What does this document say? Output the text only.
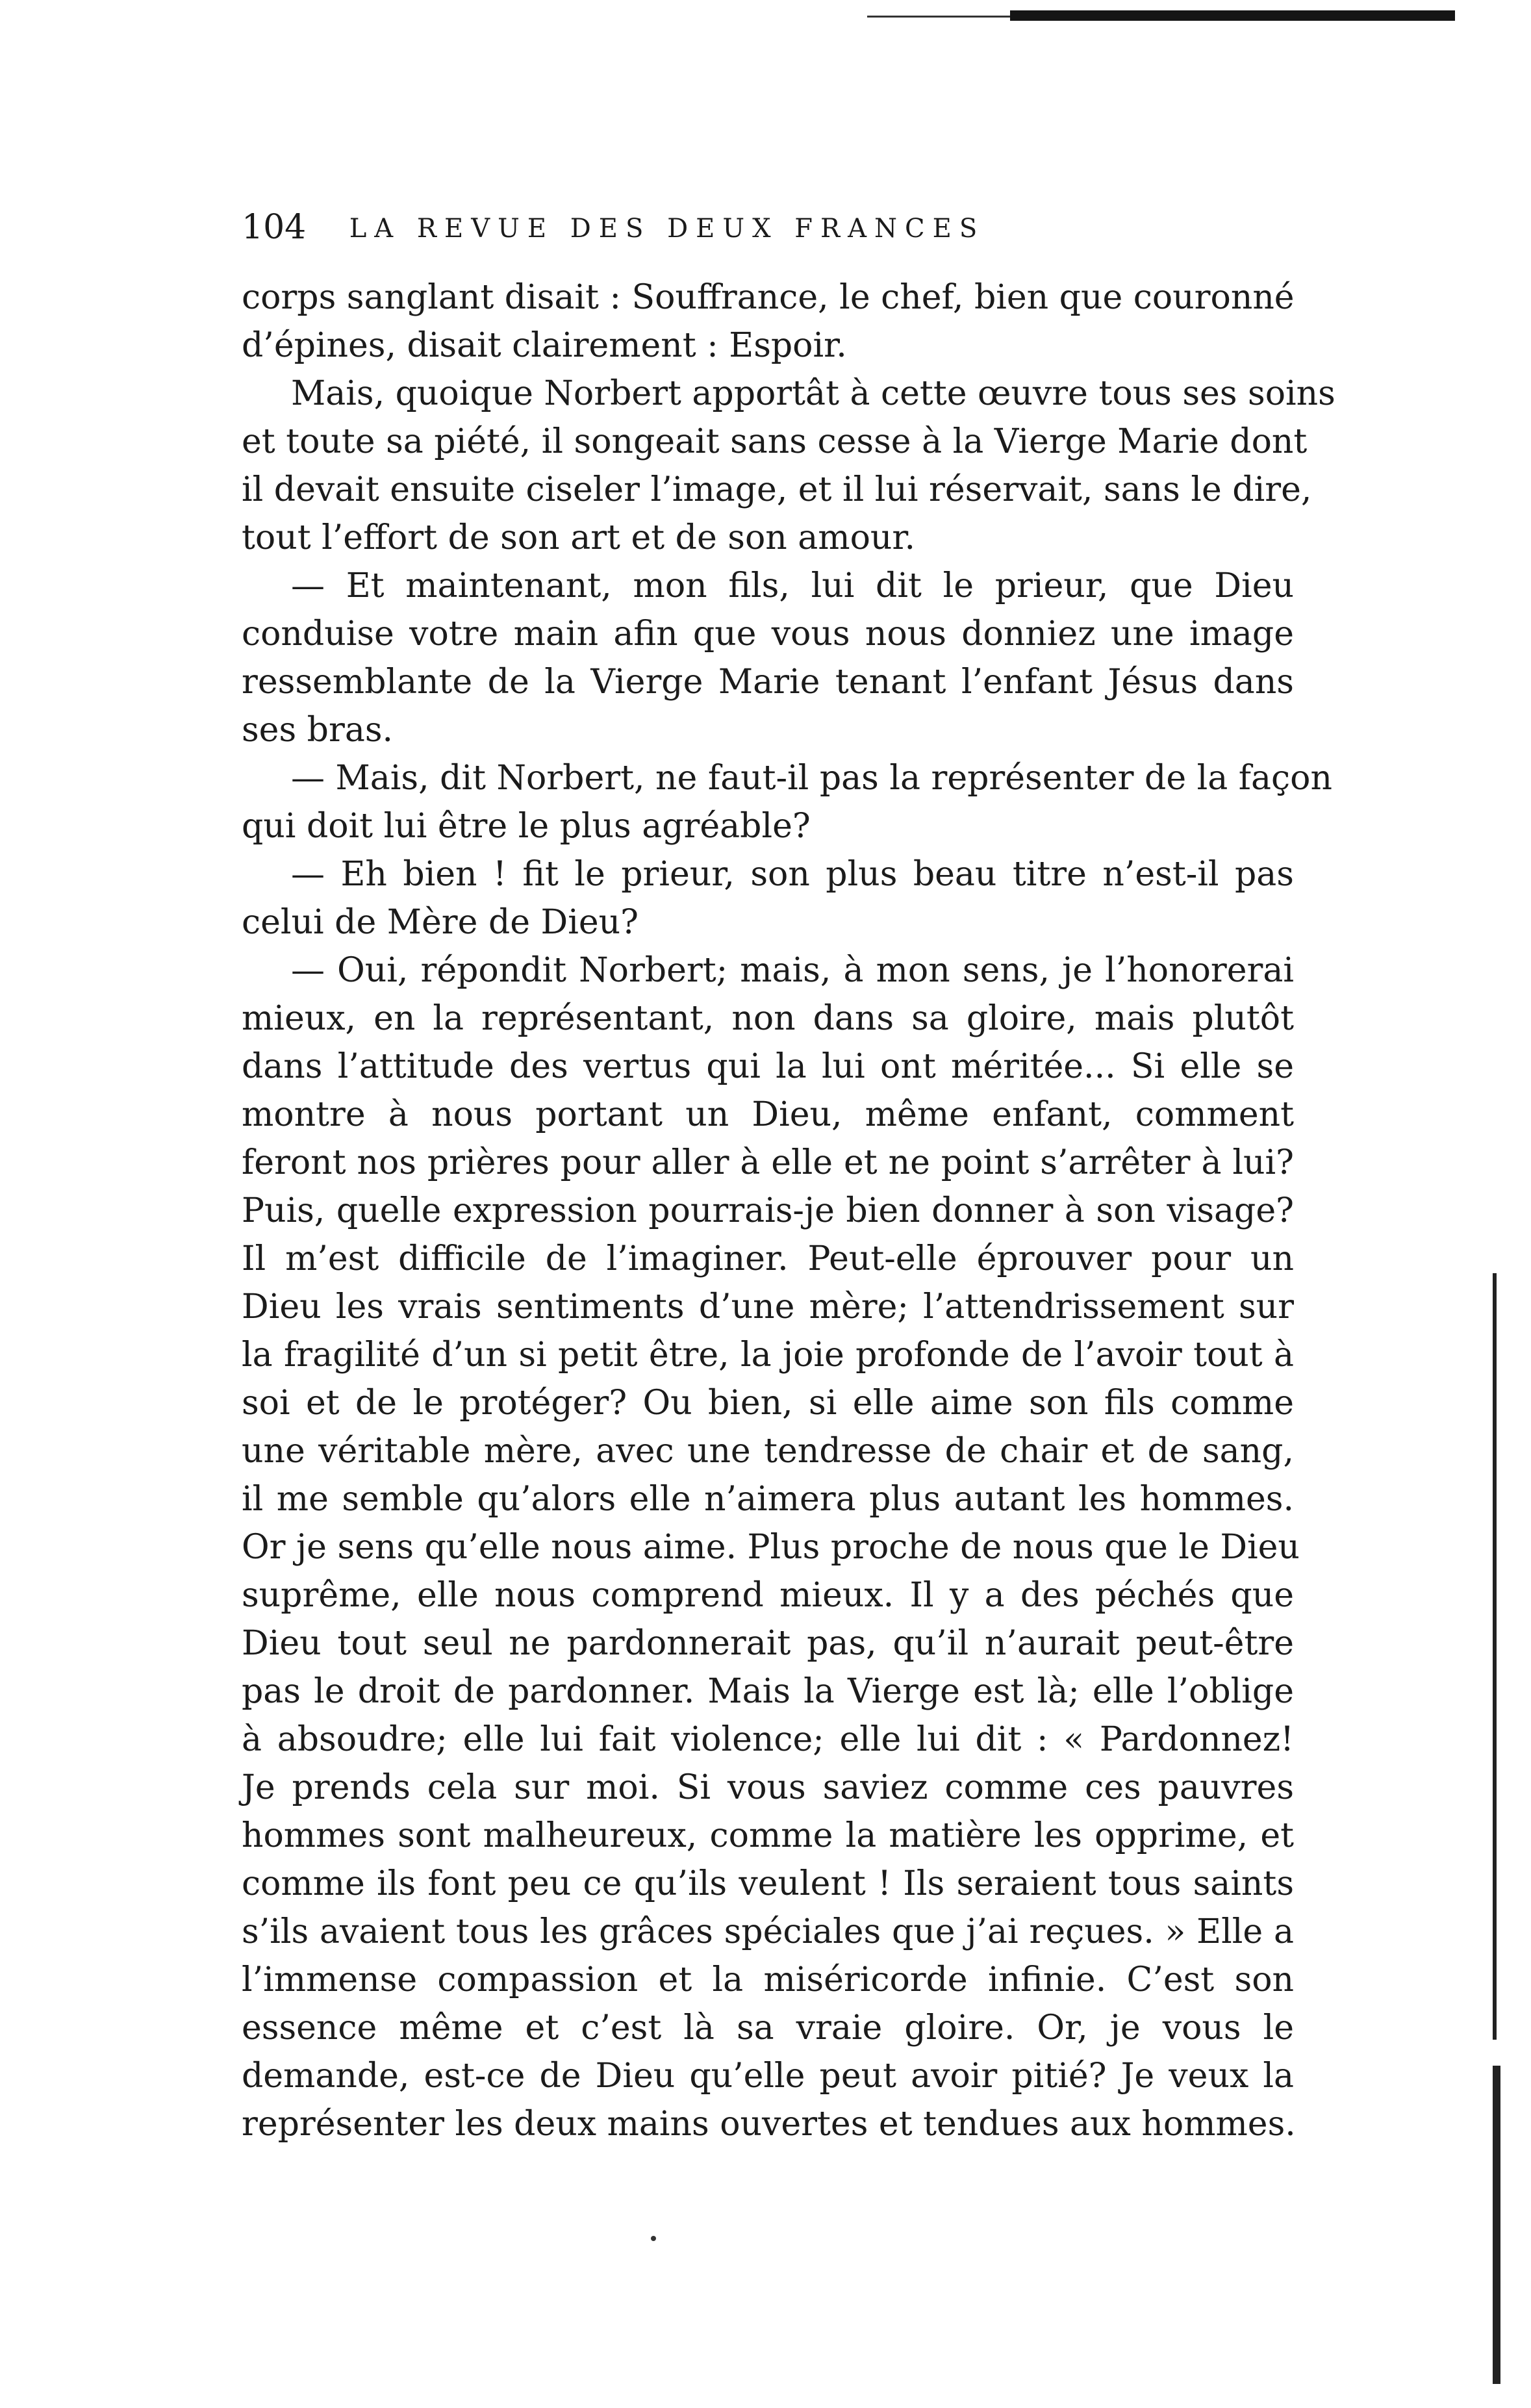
104	LA REVUE DES DEUX FRANCES
corps sanglant disait : Souffrance, le chef, bien que couronné
d’épines, disait clairement : Espoir.
Mais, quoique Norbert apportât à cette œuvre tous ses soins
et toute sa piété, il songeait sans cesse à la Vierge Marie dont
il devait ensuite ciseler l’image, et il lui réservait, sans le dire,
tout l’effort de son art et de son amour.
— Et maintenant, mon fils, lui dit le prieur, que Dieu
conduise votre main afin que vous nous donniez une image
ressemblante de la Vierge Marie tenant l’enfant Jésus dans
ses bras.
— Mais, dit Norbert, ne faut-il pas la représenter de la façon
qui doit lui être le plus agréable?
— Eh bien ! fit le prieur, son plus beau titre n’est-il pas
celui de Mère de Dieu?
— Oui, répondit Norbert; mais, à mon sens, je l’honorerai
mieux, en la représentant, non dans sa gloire, mais plutôt
dans l’attitude des vertus qui la lui ont méritée... Si elle se
montre à nous portant un Dieu, même enfant, comment
feront nos prières pour aller à elle et ne point s’arrêter à lui?
Puis, quelle expression pourrais-je bien donner à son visage?
Il m’est difficile de l’imaginer. Peut-elle éprouver pour un
Dieu les vrais sentiments d’une mère; l’attendrissement sur
la fragilité d’un si petit être, la joie profonde de l’avoir tout à
soi et de le protéger? Ou bien, si elle aime son fils comme
une véritable mère, avec une tendresse de chair et de sang,
il me semble qu’alors elle n’aimera plus autant les hommes.
Or je sens qu’elle nous aime. Plus proche de nous que le Dieu
suprême, elle nous comprend mieux. Il y a des péchés que
Dieu tout seul ne pardonnerait pas, qu’il n’aurait peut-être
pas le droit de pardonner. Mais la Vierge est là; elle l’oblige
à absoudre; elle lui fait violence; elle lui dit : « Pardonnez!
Je prends cela sur moi. Si vous saviez comme ces pauvres
hommes sont malheureux, comme la matière les opprime, et
comme ils font peu ce qu’ils veulent ! Ils seraient tous saints
s’ils avaient tous les grâces spéciales que j’ai reçues. » Elle a
l’immense compassion et la miséricorde infinie. C’est son
essence même et c’est là sa vraie gloire. Or, je vous le
demande, est-ce de Dieu qu’elle peut avoir pitié? Je veux la
représenter les deux mains ouvertes et tendues aux hommes.
